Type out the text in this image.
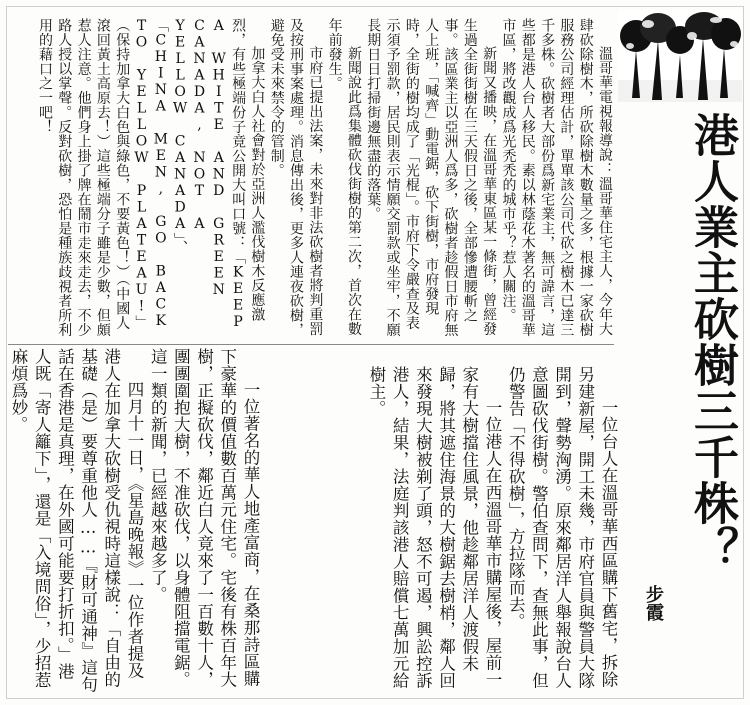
港人業主砍樹三千株？
步霞

溫哥華電視報導說：溫哥華住宅主人，今年大肆砍除樹木，所砍除樹木數量之多，根據一家砍樹服務公司經理估計，單單該公司代砍之樹木已達三千多株。砍樹者大部份爲新宅業主，無可諱言，這些都是港人台人移民。素以林蔭花木著名的溫哥華市區，將改觀成爲光禿禿的城市乎？惹人關注。

新聞又播映，在溫哥華東區某一條街，曾經發生過全街街樹在三天假日之後，全部慘遭腰斬之事。該區業主以亞洲人爲多，砍樹者趁假日市府無人上班，「喊齊」動電鋸，砍下街樹，市府發現時，全街的樹均成了「光棍」。市府下令嚴查及表示須予罰款，居民則表示情願交罰款或坐牢，不願長期日日打掃街邊無盡的落葉。

新聞說此爲集體砍伐街樹的第二次，首次在數年前發生。

市府已提出法案，未來對非法砍樹者將判重罰及按刑事案處理。消息傳出後，更多人連夜砍樹，避免受未來禁令的管制。

加拿大白人社會對於亞洲人濫伐樹木反應激烈，有些極端份子竟公開大叫口號：「KEEP A WHITE AND GREEN CANADA, NOT A YELLOW CANADA」、「CHINA MEN, GO BACK TO YELLOW PLATEAU!」（保持加拿大白色與綠色，不要黃色！）（中國人滾回黃土高原去！）這些極端分子雖是少數，但頗惹人注意。他們身上掛了牌在鬧市走來走去，不少路人授以掌聲。反對砍樹，恐怕是種族歧視者所利用的藉口之一吧！

一位台人在溫哥華西區購下舊宅，拆除另建新屋，開工未幾，市府官員與警員大隊開到，聲勢洶湧。原來鄰居洋人舉報說台人意圖砍伐街樹。警伯查問下，查無此事，但仍警告「不得砍樹」，方拉隊而去。

一位港人在西溫哥華市購屋後，屋前一家有大樹擋住風景，他趁鄰居洋人渡假未歸，將其遮住海景的大樹鋸去樹梢，鄰人回來發現大樹被剃了頭，怒不可遏，興訟控訴港人，結果，法庭判該港人賠償七萬加元給樹主。

一位著名的華人地產富商，在桑那詩區購下豪華的價值數百萬元住宅。宅後有株百年大樹，正擬砍伐，鄰近白人竟來了一百數十人，團團圍抱大樹，不准砍伐，以身體阻擋電鋸。這一類的新聞，已經越來越多了。

四月十一日，《星島晚報》一位作者提及港人在加拿大砍樹受仇視時這樣說：「自由的基礎（是）要尊重他人……『財可通神』這句話在香港是真理，在外國可能要打折扣。」港人既「寄人籬下」，還是「入境問俗」，少招惹麻煩爲妙。
